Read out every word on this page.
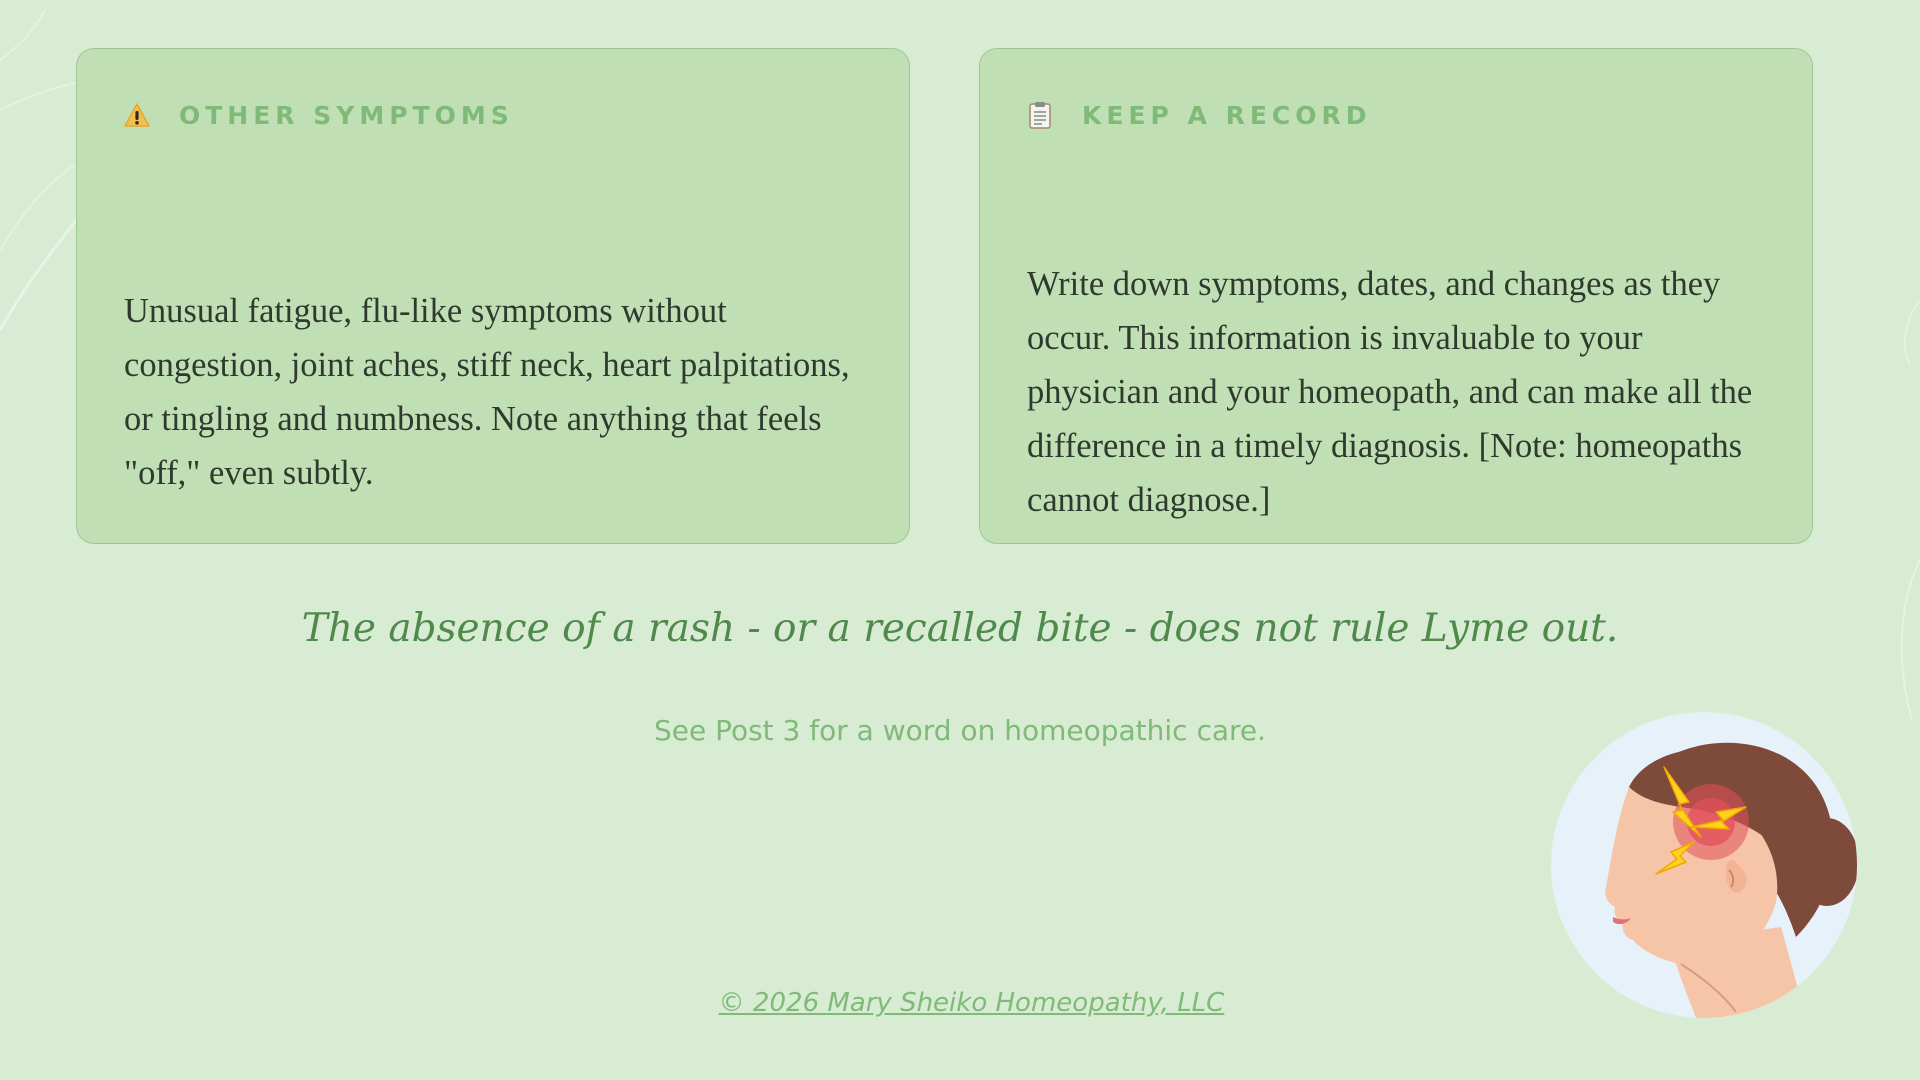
OTHER SYMPTOMS
Unusual fatigue, flu-like symptoms without congestion, joint aches, stiff neck, heart palpitations, or tingling and numbness. Note anything that feels "off," even subtly.
KEEP A RECORD
Write down symptoms, dates, and changes as they occur. This information is invaluable to your physician and your homeopath, and can make all the difference in a timely diagnosis. [Note: homeopaths cannot diagnose.]
The absence of a rash - or a recalled bite - does not rule Lyme out.
See Post 3 for a word on homeopathic care.
© 2026 Mary Sheiko Homeopathy, LLC
